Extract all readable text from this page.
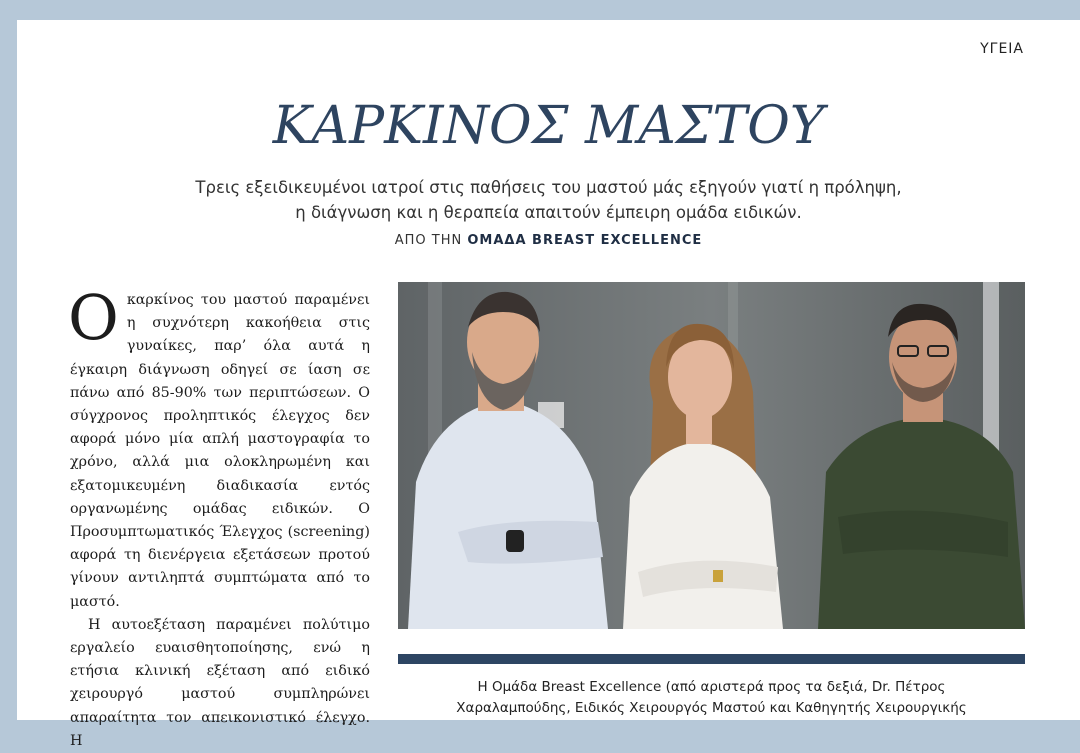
ΥΓΕΙΑ
ΚΑΡΚΙΝΟΣ ΜΑΣΤΟΥ
Τρεις εξειδικευμένοι ιατροί στις παθήσεις του μαστού μάς εξηγούν γιατί η πρόληψη,
η διάγνωση και η θεραπεία απαιτούν έμπειρη ομάδα ειδικών.
ΑΠΟ ΤΗΝ ΟΜΑΔΑ BREAST EXCELLENCE

Οκαρκίνος του μαστού παραμένει η συχνότερη κακοήθεια στις γυναίκες, παρ’ όλα αυτά η έγκαιρη διάγνωση οδηγεί σε ίαση σε πάνω από 85-90% των περιπτώσεων. Ο σύγχρονος προληπτικός έλεγχος δεν αφορά μόνο μία απλή μαστογραφία το χρόνο, αλλά μια ολοκληρωμένη και εξατομικευμένη διαδικασία εντός οργανωμένης ομάδας ειδικών. Ο Προσυμπτωματικός Έλεγχος (screening) αφορά τη διενέργεια εξετάσεων προτού γίνουν αντιληπτά συμπτώματα από το μαστό.

Η αυτοεξέταση παραμένει πολύτιμο εργαλείο ευαισθητοποίησης, ενώ η ετήσια κλινική εξέταση από ειδικό χειρουργό μαστού συμπληρώνει απαραίτητα τον απεικονιστικό έλεγχο. Η

Η Ομάδα Breast Excellence (από αριστερά προς τα δεξιά, Dr. Πέτρος
Χαραλαμπούδης, Ειδικός Χειρουργός Μαστού και Καθηγητής Χειρουργικής
